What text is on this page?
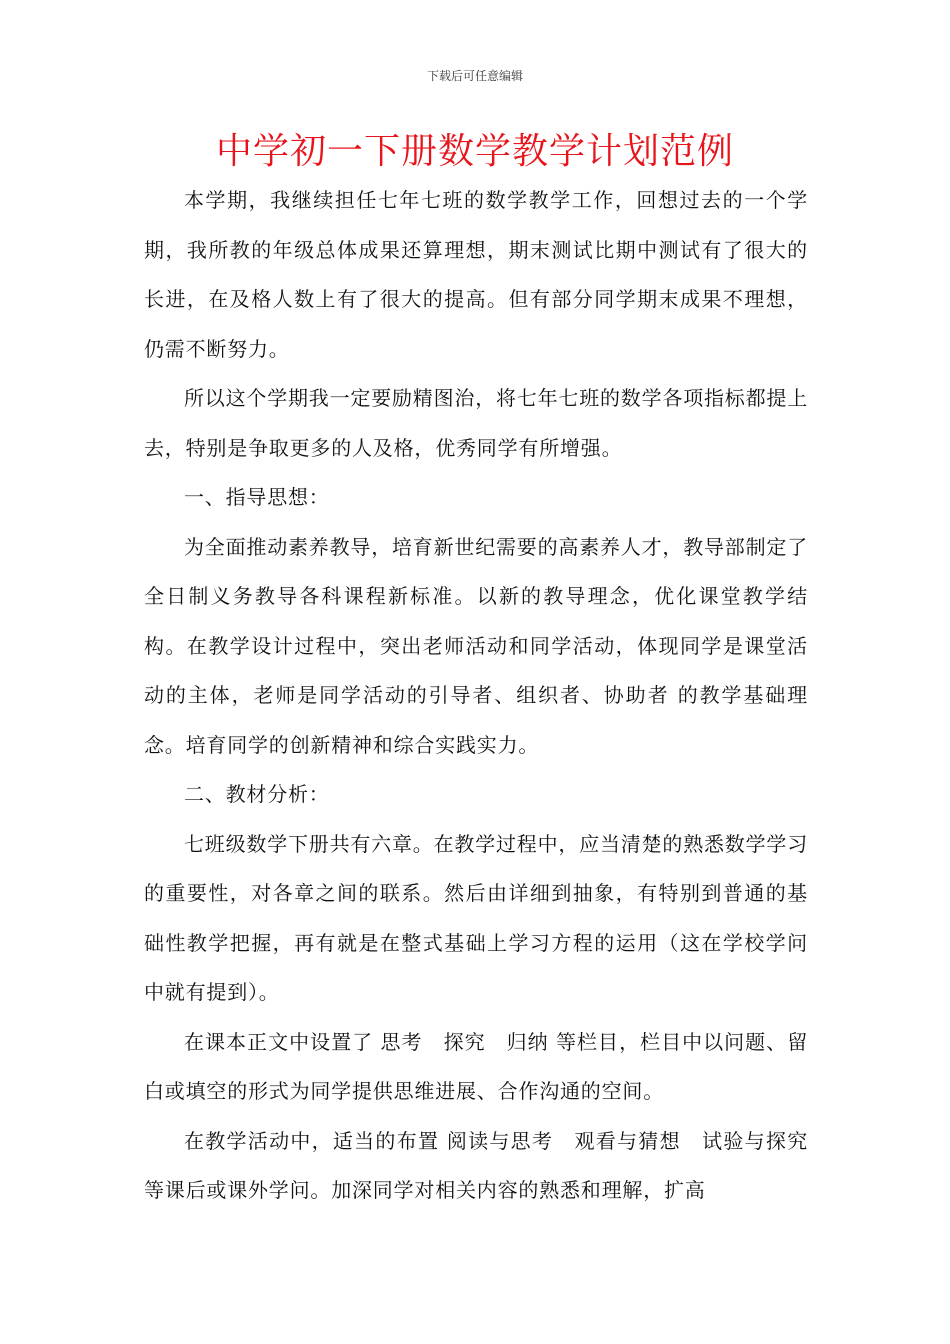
下载后可任意编辑
中学初一下册数学教学计划范例

本学期，我继续担任七年七班的数学教学工作，回想过去的一个学期，我所教的年级总体成果还算理想，期末测试比期中测试有了很大的长进，在及格人数上有了很大的提高。但有部分同学期末成果不理想，仍需不断努力。

所以这个学期我一定要励精图治，将七年七班的数学各项指标都提上去，特别是争取更多的人及格，优秀同学有所增强。

一、指导思想：

为全面推动素养教导，培育新世纪需要的高素养人才，教导部制定了全日制义务教导各科课程新标准。以新的教导理念，优化课堂教学结构。在教学设计过程中，突出老师活动和同学活动，体现同学是课堂活动的主体，老师是同学活动的引导者、组织者、协助者 的教学基础理念。培育同学的创新精神和综合实践实力。

二、教材分析：

七班级数学下册共有六章。在教学过程中，应当清楚的熟悉数学学习的重要性，对各章之间的联系。然后由详细到抽象，有特别到普通的基础性教学把握，再有就是在整式基础上学习方程的运用（这在学校学问中就有提到）。

在课本正文中设置了 思考　探究　归纳 等栏目，栏目中以问题、留白或填空的形式为同学提供思维进展、合作沟通的空间。

在教学活动中，适当的布置 阅读与思考　观看与猜想　试验与探究 等课后或课外学问。加深同学对相关内容的熟悉和理解，扩高
